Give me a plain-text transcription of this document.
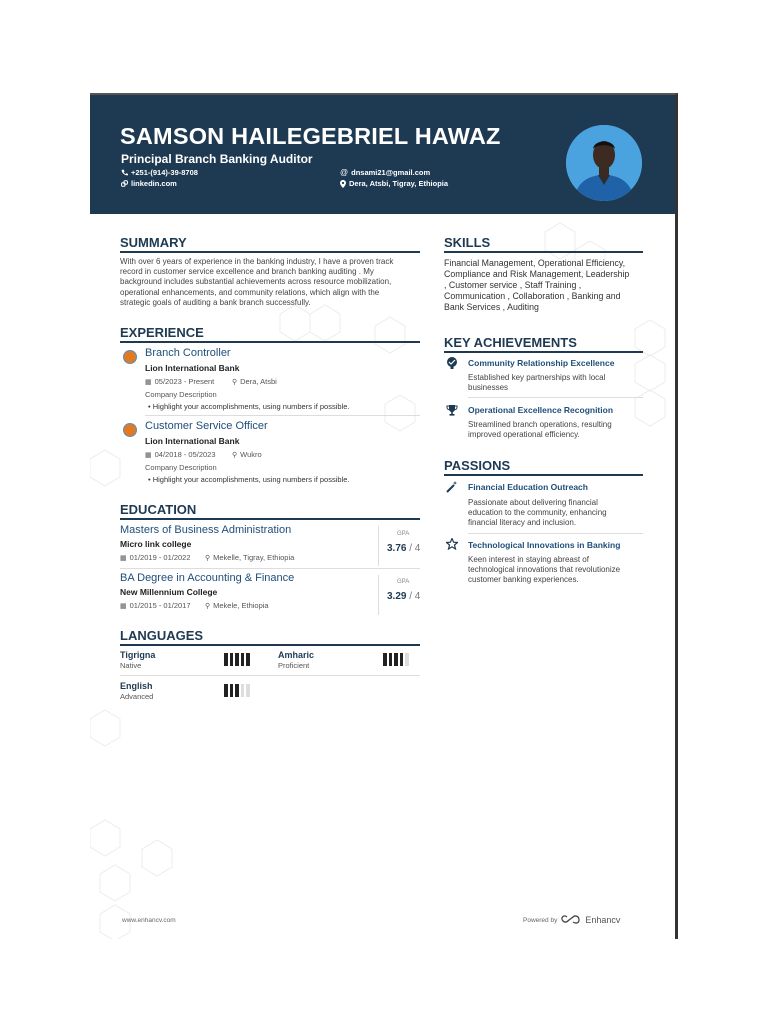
SAMSON HAILEGEBRIEL HAWAZ
Principal Branch Banking Auditor
+251-(914)-39-8708
linkedin.com
@ dnsami21@gmail.com
Dera, Atsbi, Tigray, Ethiopia
SUMMARY
With over 6 years of experience in the banking industry, I have a proven track
record in customer service excellence and branch banking auditing . My
background includes substantial achievements across resource mobilization,
operational enhancements, and community relations, which align with the
strategic goals of auditing a bank branch successfully.
EXPERIENCE
Branch Controller
Lion International Bank
▦ 05/2023 - Present	⚲ Dera, Atsbi
Company Description
• Highlight your accomplishments, using numbers if possible.
Customer Service Officer
Lion International Bank
▦ 04/2018 - 05/2023 ⚲ Wukro
Company Description
• Highlight your accomplishments, using numbers if possible.
EDUCATION
Masters of Business Administration
Micro link college
▦ 01/2019 - 01/2022 ⚲ Mekelle, Tigray, Ethiopia
GPA
3.76 / 4
BA Degree in Accounting & Finance
New Millennium College
▦ 01/2015 - 01/2017 ⚲ Mekele, Ethiopia
GPA
3.29 / 4
LANGUAGES
Tigrigna
Native
Amharic
Proficient
English
Advanced
SKILLS
Financial Management, Operational Efficiency,
Compliance and Risk Management, Leadership
, Customer service , Staff Training ,
Communication , Collaboration , Banking and
Bank Services , Auditing
KEY ACHIEVEMENTS
Community Relationship Excellence
Established key partnerships with local
businesses
Operational Excellence Recognition
Streamlined branch operations, resulting
improved operational efficiency.
PASSIONS
Financial Education Outreach
Passionate about delivering financial
education to the community, enhancing
financial literacy and inclusion.
Technological Innovations in Banking
Keen interest in staying abreast of
technological innovations that revolutionize
customer banking experiences.
www.enhancv.com	Powered by	Enhancv
